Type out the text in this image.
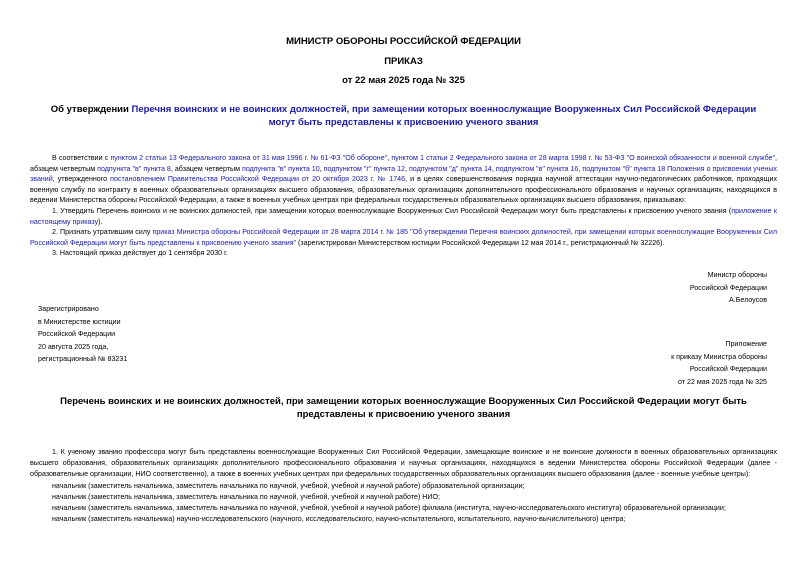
МИНИСТР ОБОРОНЫ РОССИЙСКОЙ ФЕДЕРАЦИИ
ПРИКАЗ
от 22 мая 2025 года № 325
Об утверждении Перечня воинских и не воинских должностей, при замещении которых военнослужащие Вооруженных Сил Российской Федерации могут быть представлены к присвоению ученого звания

В соответствии с пунктом 2 статьи 13 Федерального закона от 31 мая 1996 г. № 61-ФЗ "Об обороне", пунктом 1 статьи 2 Федерального закона от 28 марта 1998 г. № 53-ФЗ "О воинской обязанности и военной службе", абзацем четвертым подпункта "в" пункта 8, абзацем четвертым подпункта "в" пункта 10, подпунктом "г" пункта 12, подпунктом "д" пункта 14, подпунктом "в" пункта 16, подпунктом "б" пункта 18 Положения о присвоении ученых званий, утвержденного постановлением Правительства Российской Федерации от 20 октября 2023 г. № 1746, и в целях совершенствования порядка научной аттестации научно-педагогических работников, проходящих военную службу по контракту в военных образовательных организациях высшего образования, образовательных организациях дополнительного профессионального образования и научных организациях, находящихся в ведении Министерства обороны Российской Федерации, а также в военных учебных центрах при федеральных государственных образовательных организациях высшего образования, приказываю:

1. Утвердить Перечень воинских и не воинских должностей, при замещении которых военнослужащие Вооруженных Сил Российской Федерации могут быть представлены к присвоению ученого звания (приложение к настоящему приказу).

2. Признать утратившим силу приказ Министра обороны Российской Федерации от 28 марта 2014 г. № 185 "Об утверждении Перечня воинских должностей, при замещении которых военнослужащие Вооруженных Сил Российской Федерации могут быть представлены к присвоению ученого звания" (зарегистрирован Министерством юстиции Российской Федерации 12 мая 2014 г., регистрационный № 32226).

3. Настоящий приказ действует до 1 сентября 2030 г.

Министр обороны
Российской Федерации
А.Белоусов
Зарегистрировано
в Министерстве юстиции
Российской Федерации
20 августа 2025 года,
регистрационный № 83231
Приложение
к приказу Министра обороны
Российской Федерации
от 22 мая 2025 года № 325
Перечень воинских и не воинских должностей, при замещении которых военнослужащие Вооруженных Сил Российской Федерации могут быть представлены к присвоению ученого звания

1. К ученому званию профессора могут быть представлены военнослужащие Вооруженных Сил Российской Федерации, замещающие воинские и не воинские должности в военных образовательных организациях высшего образования, образовательных организациях дополнительного профессионального образования и научных организациях, находящихся в ведении Министерства обороны Российской Федерации (далее - образовательные организации, НИО соответственно), а также в военных учебных центрах при федеральных государственных образовательных организациях высшего образования (далее - военные учебные центры):

начальник (заместитель начальника, заместитель начальника по научной, учебной, учебной и научной работе) образовательной организации;

начальник (заместитель начальника, заместитель начальника по научной, учебной, учебной и научной работе) НИО;

начальник (заместитель начальника, заместитель начальника по научной, учебной, учебной и научной работе) филиала (института, научно-исследовательского института) образовательной организации;

начальник (заместитель начальника) научно-исследовательского (научного, исследовательского, научно-испытательного, испытательного, научно-вычислительного) центра;
